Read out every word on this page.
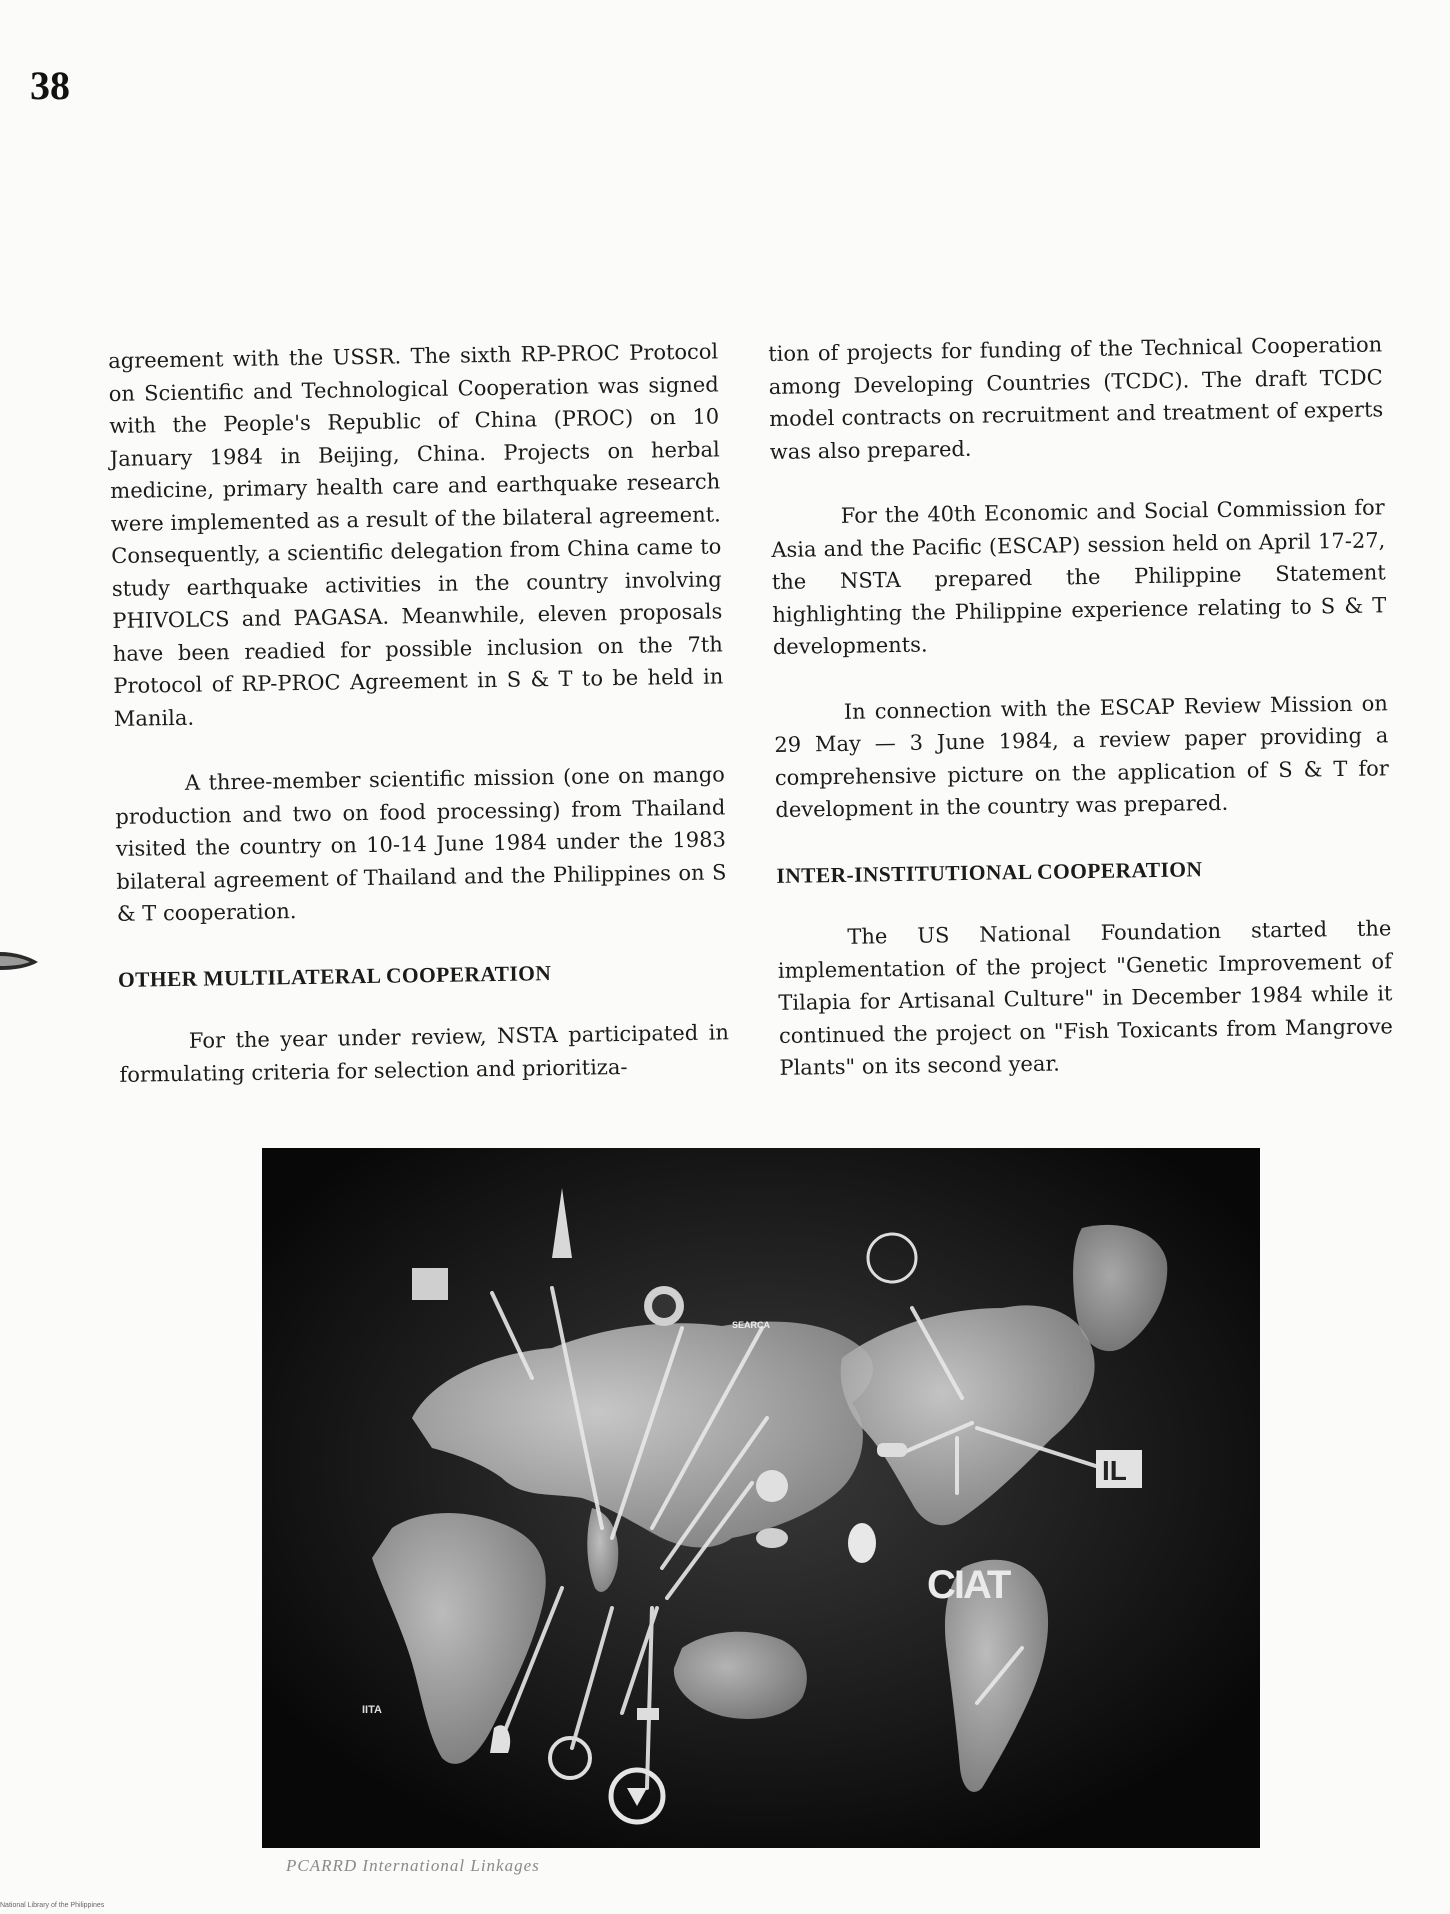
38

agreement with the USSR. The sixth RP-PROC Protocol on Scientific and Technological Cooperation was signed with the People's Republic of China (PROC) on 10 January 1984 in Beijing, China. Projects on herbal medicine, primary health care and earthquake research were implemented as a result of the bilateral agreement. Consequently, a scientific delegation from China came to study earthquake activities in the country involving PHIVOLCS and PAGASA. Meanwhile, eleven proposals have been readied for possible inclusion on the 7th Protocol of RP-PROC Agreement in S & T to be held in Manila.

A three-member scientific mission (one on mango production and two on food processing) from Thailand visited the country on 10-14 June 1984 under the 1983 bilateral agreement of Thailand and the Philippines on S & T cooperation.

OTHER MULTILATERAL COOPERATION

For the year under review, NSTA participated in formulating criteria for selection and prioritiza-

tion of projects for funding of the Technical Cooperation among Developing Countries (TCDC). The draft TCDC model contracts on recruitment and treatment of experts was also prepared.

For the 40th Economic and Social Commission for Asia and the Pacific (ESCAP) session held on April 17-27, the NSTA prepared the Philippine Statement highlighting the Philippine experience relating to S & T developments.

In connection with the ESCAP Review Mission on 29 May — 3 June 1984, a review paper providing a comprehensive picture on the application of S & T for development in the country was prepared.

INTER-INSTITUTIONAL COOPERATION

The US National Foundation started the implementation of the project "Genetic Improvement of Tilapia for Artisanal Culture" in December 1984 while it continued the project on "Fish Toxicants from Mangrove Plants" on its second year.

SEARCA
IITA
IL
CIAT
PCARRD International Linkages
National Library of the Philippines
